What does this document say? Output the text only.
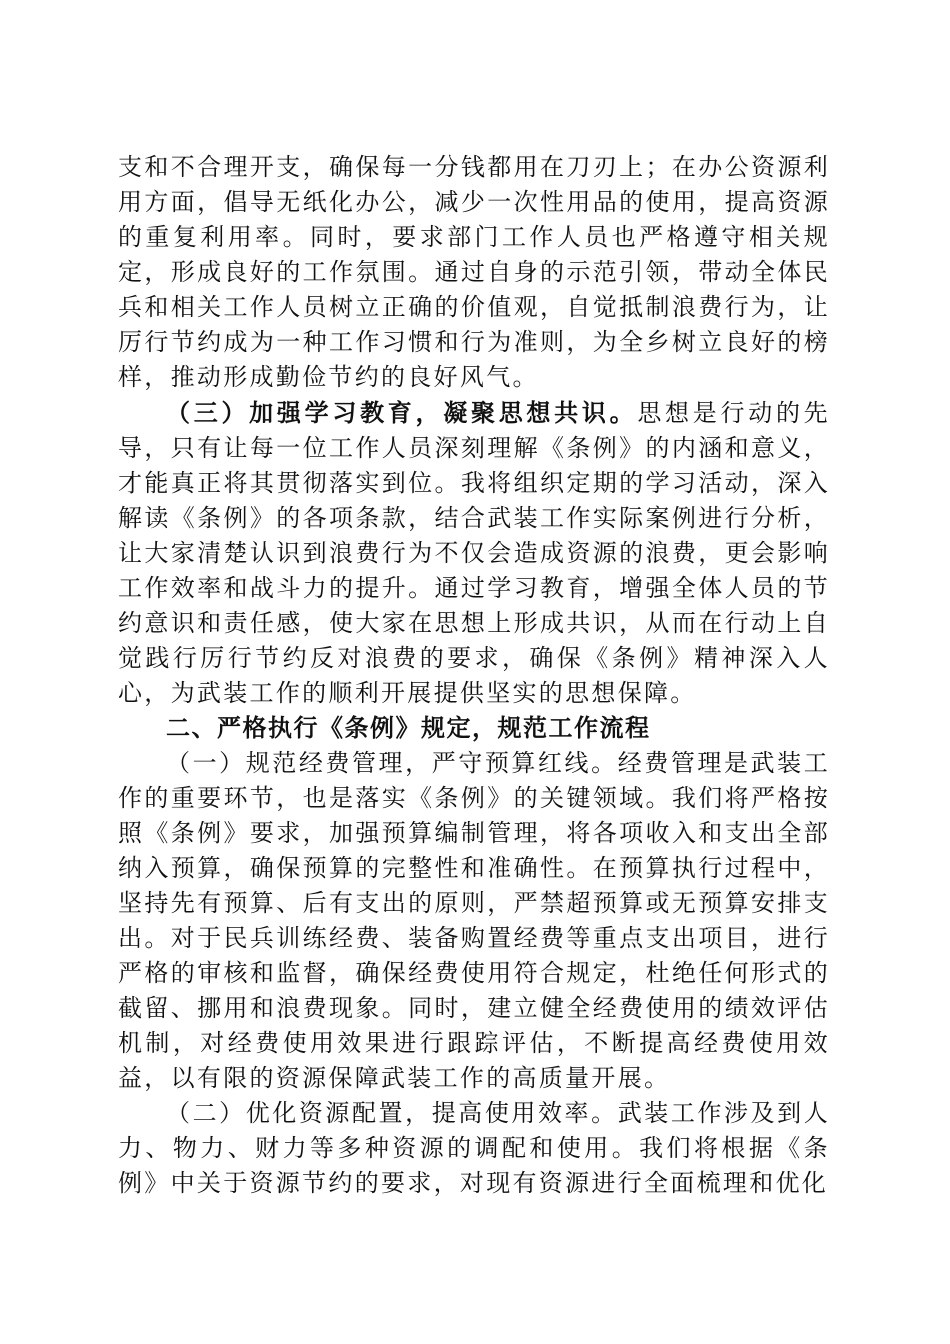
支和不合理开支，确保每一分钱都用在刀刃上；在办公资源利用方面，倡导无纸化办公，减少一次性用品的使用，提高资源的重复利用率。同时，要求部门工作人员也严格遵守相关规定，形成良好的工作氛围。通过自身的示范引领，带动全体民兵和相关工作人员树立正确的价值观，自觉抵制浪费行为，让厉行节约成为一种工作习惯和行为准则，为全乡树立良好的榜样，推动形成勤俭节约的良好风气。

（三）加强学习教育，凝聚思想共识。思想是行动的先导，只有让每一位工作人员深刻理解《条例》的内涵和意义，才能真正将其贯彻落实到位。我将组织定期的学习活动，深入解读《条例》的各项条款，结合武装工作实际案例进行分析，让大家清楚认识到浪费行为不仅会造成资源的浪费，更会影响工作效率和战斗力的提升。通过学习教育，增强全体人员的节约意识和责任感，使大家在思想上形成共识，从而在行动上自觉践行厉行节约反对浪费的要求，确保《条例》精神深入人心，为武装工作的顺利开展提供坚实的思想保障。

二、严格执行《条例》规定，规范工作流程

（一）规范经费管理，严守预算红线。经费管理是武装工作的重要环节，也是落实《条例》的关键领域。我们将严格按照《条例》要求，加强预算编制管理，将各项收入和支出全部纳入预算，确保预算的完整性和准确性。在预算执行过程中，坚持先有预算、后有支出的原则，严禁超预算或无预算安排支出。对于民兵训练经费、装备购置经费等重点支出项目，进行严格的审核和监督，确保经费使用符合规定，杜绝任何形式的截留、挪用和浪费现象。同时，建立健全经费使用的绩效评估机制，对经费使用效果进行跟踪评估，不断提高经费使用效益，以有限的资源保障武装工作的高质量开展。

（二）优化资源配置，提高使用效率。武装工作涉及到人力、物力、财力等多种资源的调配和使用。我们将根据《条例》中关于资源节约的要求，对现有资源进行全面梳理和优化
